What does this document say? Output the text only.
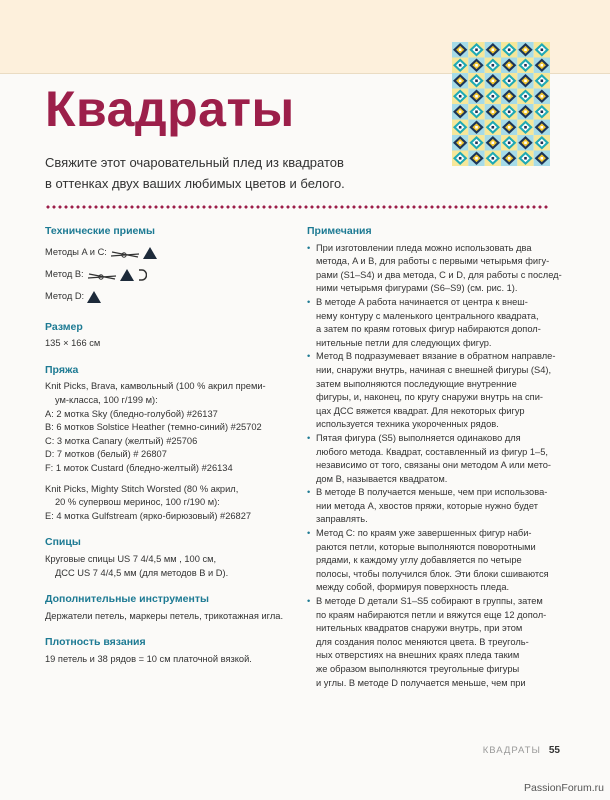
Квадраты
Свяжите этот очаровательный плед из квадратов
в оттенках двух ваших любимых цветов и белого.
Технические приемы
Методы A и C:
Метод B:
Метод D:
Размер
135 × 166 см
Пряжа
Knit Picks, Brava, камвольный (100 % акрил преми-
ум-класса, 100 г/199 м):
A: 2 мотка Sky (бледно-голубой) #26137
B: 6 мотков Solstice Heather (темно-синий) #25702
C: 3 мотка Canary (желтый) #25706
D: 7 мотков (белый) # 26807
F: 1 моток Custard (бледно-желтый) #26134
Knit Picks, Mighty Stitch Worsted (80 % акрил,
20 % супервош меринос, 100 г/190 м):
E: 4 мотка Gulfstream (ярко-бирюзовый) #26827
Спицы
Круговые спицы US 7 4/4,5 мм , 100 см,
ДСС US 7 4/4,5 мм (для методов B и D).
Дополнительные инструменты
Держатели петель, маркеры петель, трикотажная игла.
Плотность вязания
19 петель и 38 рядов = 10 см платочной вязкой.
Примечания
• При изготовлении пледа можно использовать два
метода, A и B, для работы с первыми четырьмя фигу-
рами (S1–S4) и два метода, C и D, для работы с послед-
ними четырьмя фигурами (S6–S9) (см. рис. 1).
• В методе A работа начинается от центра к внеш-
нему контуру с маленького центрального квадрата,
а затем по краям готовых фигур набираются допол-
нительные петли для следующих фигур.
• Метод B подразумевает вязание в обратном направле-
нии, снаружи внутрь, начиная с внешней фигуры (S4),
затем выполняются последующие внутренние
фигуры, и, наконец, по кругу снаружи внутрь на спи-
цах ДСС вяжется квадрат. Для некоторых фигур
используется техника укороченных рядов.
• Пятая фигура (S5) выполняется одинаково для
любого метода. Квадрат, составленный из фигур 1–5,
независимо от того, связаны они методом A или мето-
дом B, называется квадратом.
• В методе B получается меньше, чем при использова-
нии метода A, хвостов пряжи, которые нужно будет
заправлять.
• Метод C: по краям уже завершенных фигур наби-
раются петли, которые выполняются поворотными
рядами, к каждому углу добавляется по четыре
полосы, чтобы получился блок. Эти блоки сшиваются
между собой, формируя поверхность пледа.
• В методе D детали S1–S5 собирают в группы, затем
по краям набираются петли и вяжутся еще 12 допол-
нительных квадратов снаружи внутрь, при этом
для создания полос меняются цвета. В треуголь-
ных отверстиях на внешних краях пледа таким
же образом выполняются треугольные фигуры
и углы. В методе D получается меньше, чем при
КВАДРАТЫ 55
PassionForum.ru
